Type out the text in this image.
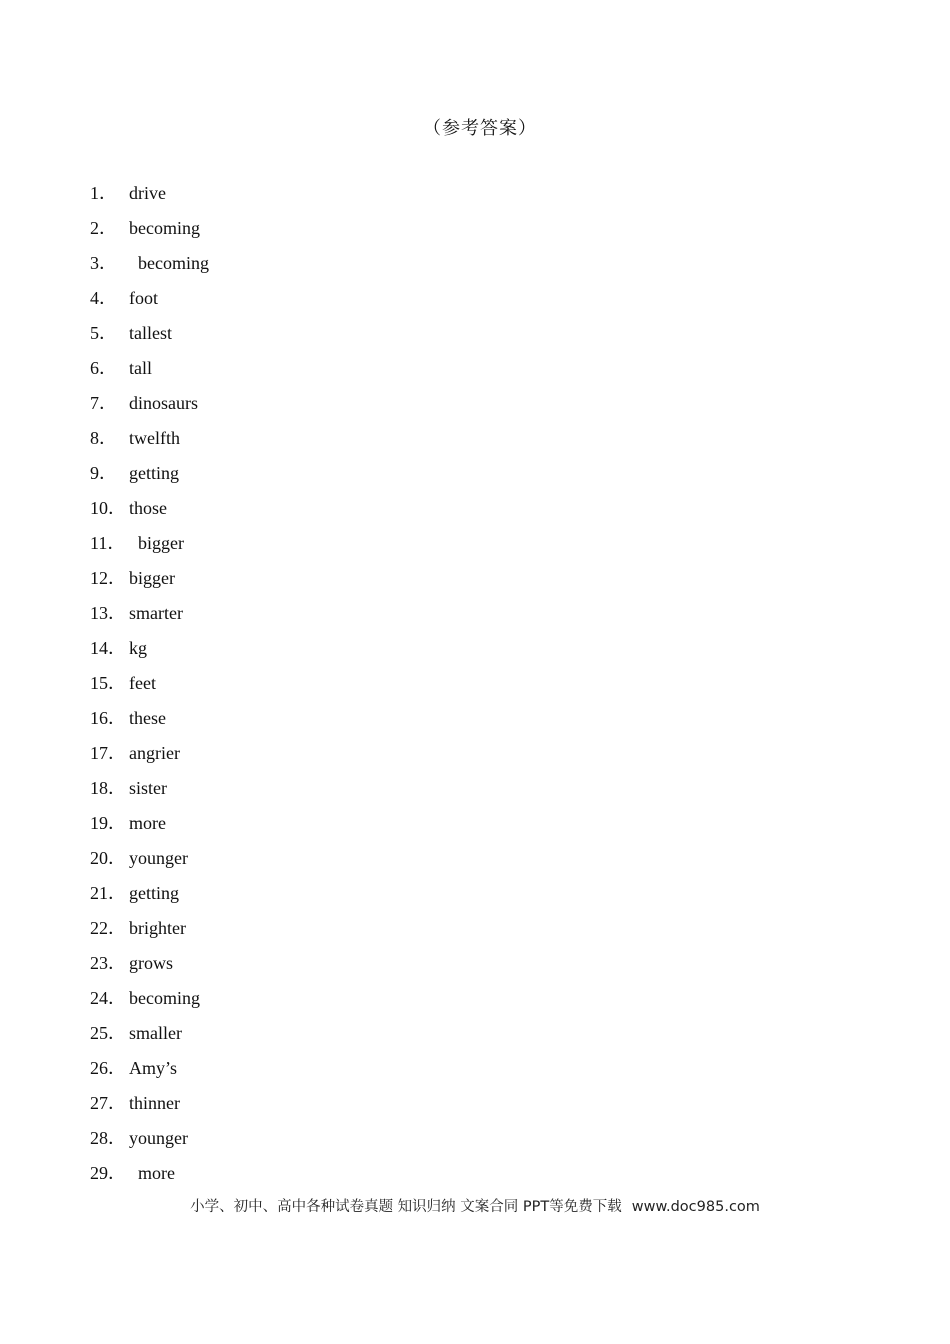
（参考答案）
1． drive
2． becoming
3．	becoming
4． foot
5． tallest
6． tall
7． dinosaurs
8． twelfth
9． getting
10． those
11． bigger
12． bigger
13． smarter
14． kg
15． feet
16． these
17． angrier
18． sister
19． more
20． younger
21． getting
22． brighter
23． grows
24． becoming
25． smaller
26． Amy’s
27． thinner
28． younger
29． more
小学、初中、高中各种试卷真题 知识归纳 文案合同 PPT等免费下载 www.doc985.com
